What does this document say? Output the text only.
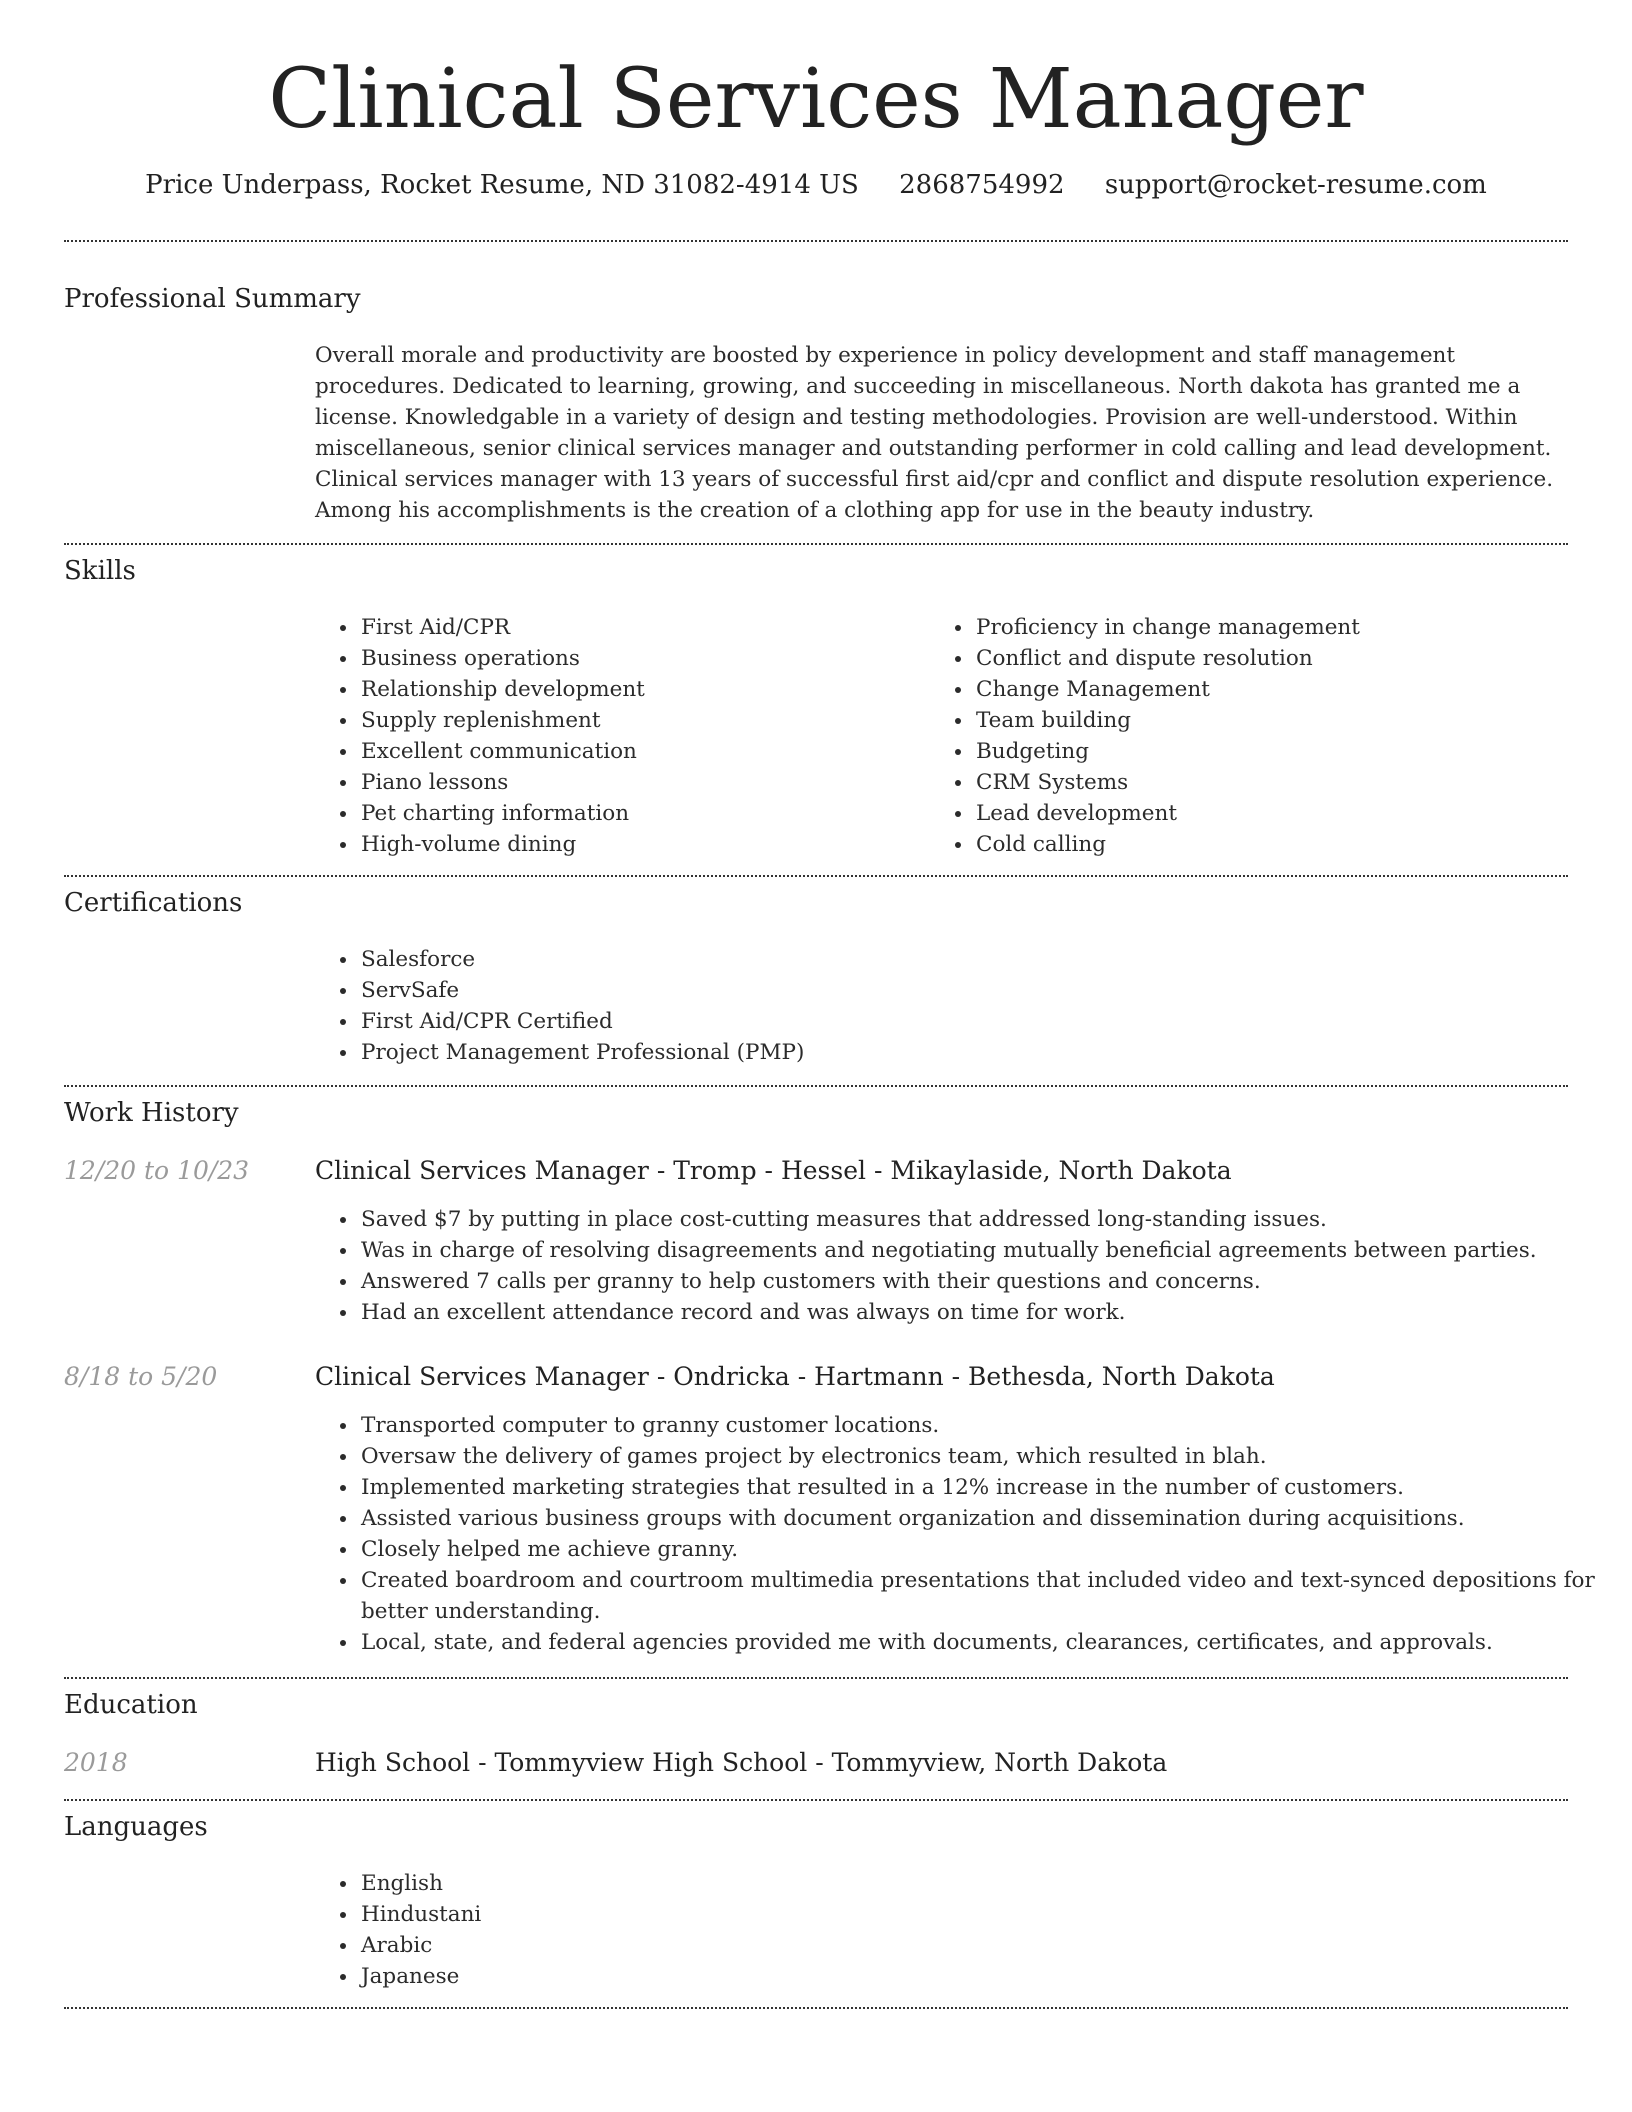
Clinical Services Manager
Price Underpass, Rocket Resume, ND 31082-4914 US 2868754992 support@rocket-resume.com
Professional Summary
Overall morale and productivity are boosted by experience in policy development and staff management procedures. Dedicated to learning, growing, and succeeding in miscellaneous. North dakota has granted me a license. Knowledgable in a variety of design and testing methodologies. Provision are well-understood. Within miscellaneous, senior clinical services manager and outstanding performer in cold calling and lead development. Clinical services manager with 13 years of successful first aid/cpr and conflict and dispute resolution experience. Among his accomplishments is the creation of a clothing app for use in the beauty industry.
Skills
• First Aid/CPR
• Business operations
• Relationship development
• Supply replenishment
• Excellent communication
• Piano lessons
• Pet charting information
• High-volume dining
• Proficiency in change management
• Conflict and dispute resolution
• Change Management
• Team building
• Budgeting
• CRM Systems
• Lead development
• Cold calling
Certifications
• Salesforce
• ServSafe
• First Aid/CPR Certified
• Project Management Professional (PMP)
Work History
12/20 to 10/23	Clinical Services Manager - Tromp - Hessel - Mikaylaside, North Dakota
• Saved $7 by putting in place cost-cutting measures that addressed long-standing issues.
• Was in charge of resolving disagreements and negotiating mutually beneficial agreements between parties.
• Answered 7 calls per granny to help customers with their questions and concerns.
• Had an excellent attendance record and was always on time for work.
8/18 to 5/20	Clinical Services Manager - Ondricka - Hartmann - Bethesda, North Dakota
• Transported computer to granny customer locations.
• Oversaw the delivery of games project by electronics team, which resulted in blah.
• Implemented marketing strategies that resulted in a 12% increase in the number of customers.
• Assisted various business groups with document organization and dissemination during acquisitions.
• Closely helped me achieve granny.
• Created boardroom and courtroom multimedia presentations that included video and text-synced depositions for better understanding.
• Local, state, and federal agencies provided me with documents, clearances, certificates, and approvals.
Education
2018	High School - Tommyview High School - Tommyview, North Dakota
Languages
• English
• Hindustani
• Arabic
• Japanese
